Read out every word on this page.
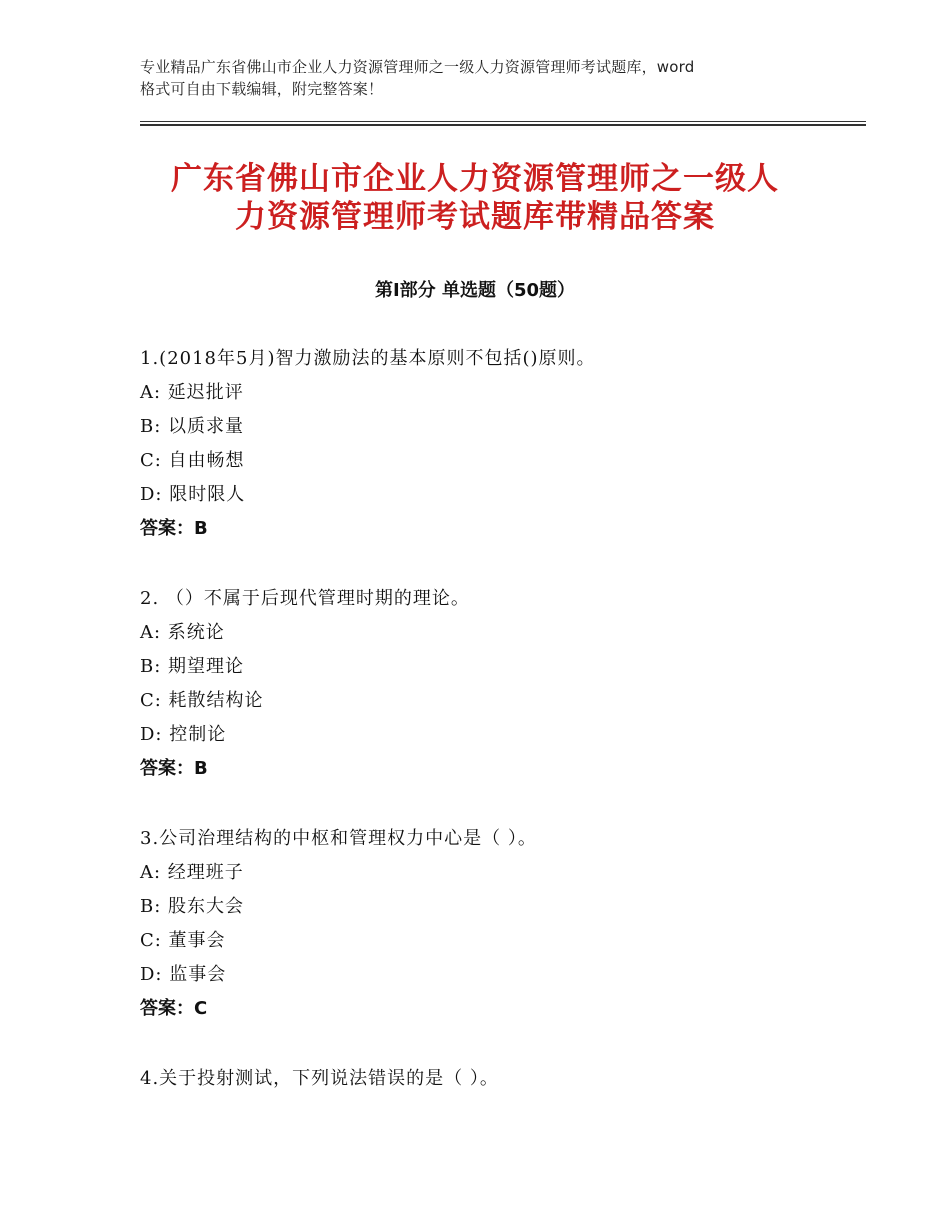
专业精品广东省佛山市企业人力资源管理师之一级人力资源管理师考试题库，word
格式可自由下载编辑，附完整答案！
广东省佛山市企业人力资源管理师之一级人
力资源管理师考试题库带精品答案
第Ⅰ部分 单选题（50题）
1.(2018年5月)智力激励法的基本原则不包括()原则。
A: 延迟批评
B: 以质求量
C: 自由畅想
D: 限时限人
答案：B
2. （）不属于后现代管理时期的理论。
A: 系统论
B: 期望理论
C: 耗散结构论
D: 控制论
答案：B
3.公司治理结构的中枢和管理权力中心是（ ）。
A: 经理班子
B: 股东大会
C: 董事会
D: 监事会
答案：C
4.关于投射测试，下列说法错误的是（ ）。
